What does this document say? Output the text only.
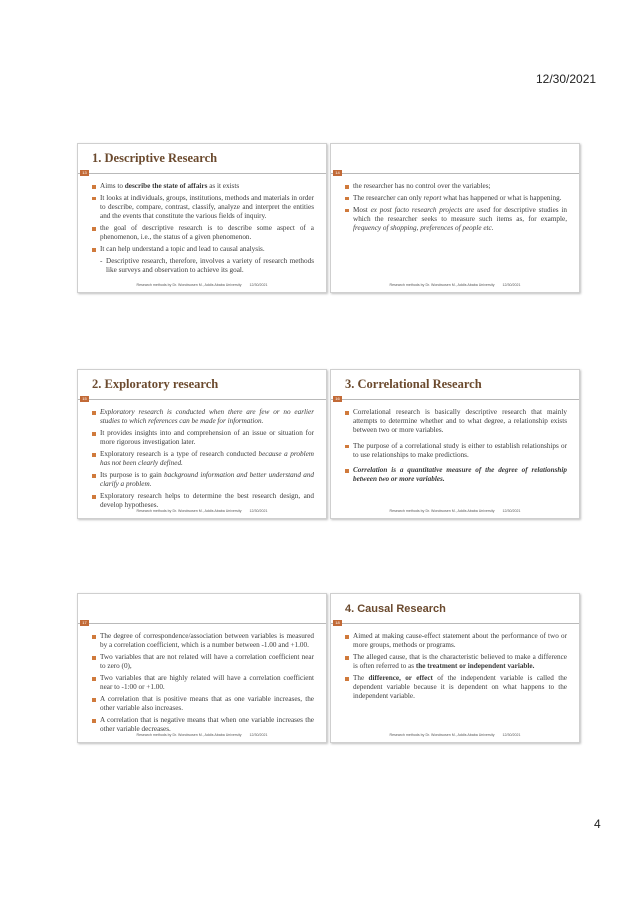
12/30/2021
1. Descriptive Research
13
Aims to describe the state of affairs as it exists
It looks at individuals, groups, institutions, methods and materials in order to describe, compare, contrast, classify, analyze and interpret the entities and the events that constitute the various fields of inquiry.
the goal of descriptive research is to describe some aspect of a phenomenon, i.e., the status of a given phenomenon.
It can help understand a topic and lead to causal analysis.
- Descriptive research, therefore, involves a variety of research methods like surveys and observation to achieve its goal.
Research methods by Dr. Wondwosen M., Addis Ababa University 12/30/2021
14
the researcher has no control over the variables;
The researcher can only report what has happened or what is happening.
Most ex post facto research projects are used for descriptive studies in which the researcher seeks to measure such items as, for example, frequency of shopping, preferences of people etc.
Research methods by Dr. Wondwosen M., Addis Ababa University 12/30/2021
2. Exploratory research
15
Exploratory research is conducted when there are few or no earlier studies to which references can be made for information.
It provides insights into and comprehension of an issue or situation for more rigorous investigation later.
Exploratory research is a type of research conducted because a problem has not been clearly defined.
Its purpose is to gain background information and better understand and clarify a problem.
Exploratory research helps to determine the best research design, and develop hypotheses.
Research methods by Dr. Wondwosen M., Addis Ababa University 12/30/2021
3. Correlational Research
16
Correlational research is basically descriptive research that mainly attempts to determine whether and to what degree, a relationship exists between two or more variables.
The purpose of a correlational study is either to establish relationships or to use relationships to make predictions.
Correlation is a quantitative measure of the degree of relationship between two or more variables.
Research methods by Dr. Wondwosen M., Addis Ababa University 12/30/2021
17
The degree of correspondence/association between variables is measured by a correlation coefficient, which is a number between -1.00 and +1.00.
Two variables that are not related will have a correlation coefficient near to zero (0),
Two variables that are highly related will have a correlation coefficient near to -1:00 or +1.00.
A correlation that is positive means that as one variable increases, the other variable also increases.
A correlation that is negative means that when one variable increases the other variable decreases.
Research methods by Dr. Wondwosen M., Addis Ababa University 12/30/2021
4. Causal Research
18
Aimed at making cause-effect statement about the performance of two or more groups, methods or programs.
The alleged cause, that is the characteristic believed to make a difference is often referred to as the treatment or independent variable.
The difference, or effect of the independent variable is called the dependent variable because it is dependent on what happens to the independent variable.
Research methods by Dr. Wondwosen M., Addis Ababa University 12/30/2021
4
